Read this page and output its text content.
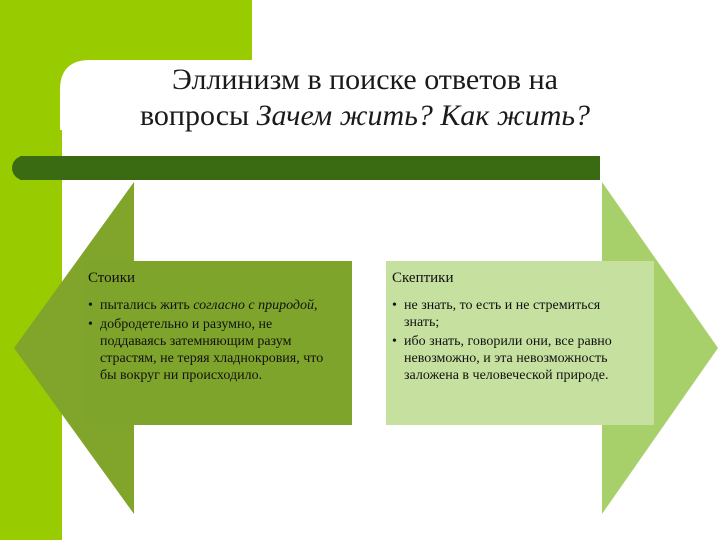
Эллинизм в поиске ответов на
вопросы Зачем жить? Как жить?
Стоики
• пытались жить согласно с природой,
• добродетельно и разумно, не поддаваясь затемняющим разум страстям, не теряя хладнокровия, что бы вокруг ни происходило.
Скептики
• не знать, то есть и не стремиться знать;
• ибо знать, говорили они, все равно невозможно, и эта невозможность заложена в человеческой природе.
